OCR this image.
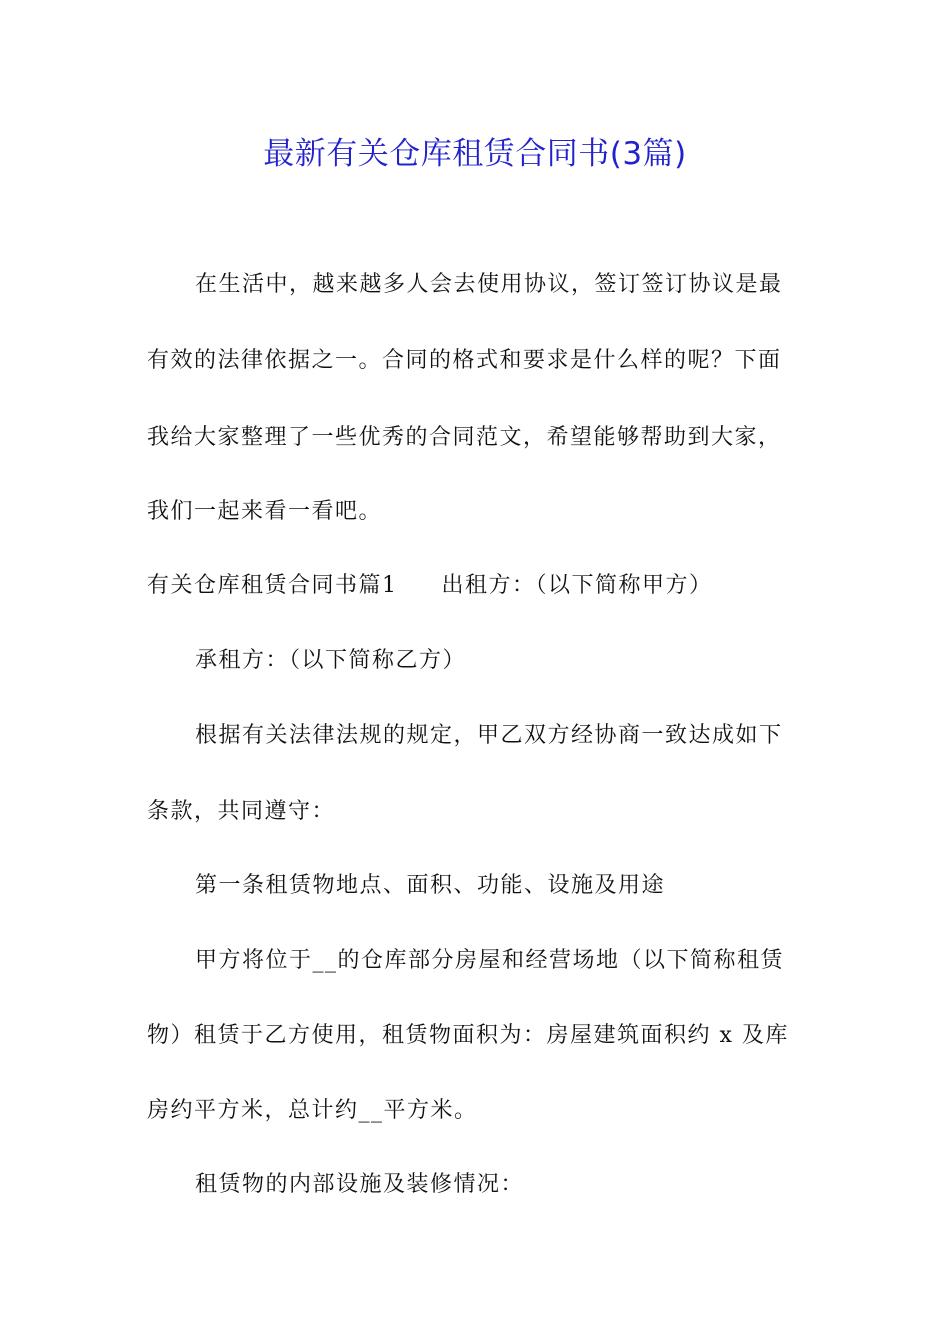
最新有关仓库租赁合同书(3篇)
在生活中，越来越多人会去使用协议，签订签订协议是最
有效的法律依据之一。合同的格式和要求是什么样的呢？下面
我给大家整理了一些优秀的合同范文，希望能够帮助到大家，
我们一起来看一看吧。
有关仓库租赁合同书篇1 出租方：（以下简称甲方）
承租方：（以下简称乙方）
根据有关法律法规的规定，甲乙双方经协商一致达成如下
条款，共同遵守：
第一条租赁物地点、面积、功能、设施及用途
甲方将位于__的仓库部分房屋和经营场地（以下简称租赁
物）租赁于乙方使用，租赁物面积为：房屋建筑面积约 x 及库
房约平方米，总计约__平方米。
租赁物的内部设施及装修情况：
